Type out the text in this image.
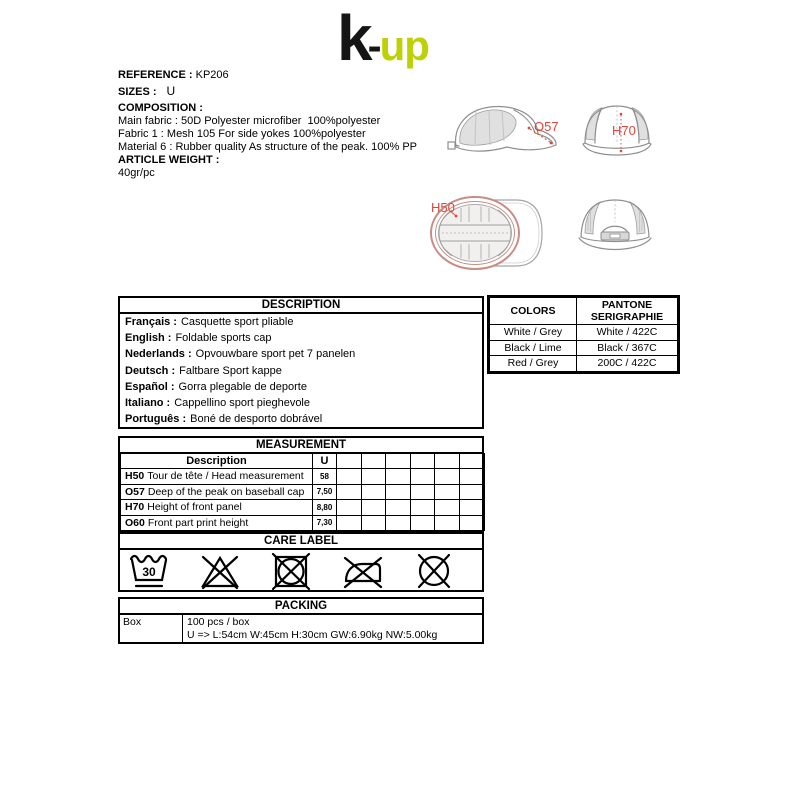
k
-
up
REFERENCE : KP206
SIZES : U
COMPOSITION :
Main fabric : 50D Polyester microfiber  100%polyester
Fabric 1 : Mesh 105 For side yokes 100%polyester
Material 6 : Rubber quality As structure of the peak. 100% PP
ARTICLE WEIGHT :
40gr/pc
O57	H70
H50
DESCRIPTION
Français : Casquette sport pliable
English : Foldable sports cap
Nederlands : Opvouwbare sport pet 7 panelen
Deutsch : Faltbare Sport kappe
Español : Gorra plegable de deporte
Italiano : Cappellino sport pieghevole
Português : Boné de desporto dobrável
COLORS	PANTONE
SERIGRAPHIE

White / Grey	White / 422C
Black / Lime	Black / 367C
Red / Grey	200C / 422C
MEASUREMENT
Description	U						
H50 Tour de tête / Head measurement	58						
O57 Deep of the peak on baseball cap	7,50						
H70 Height of front panel	8,80						
O60 Front part print height	7,30						
CARE LABEL
30
PACKING
Box	100 pcs / box
U => L:54cm W:45cm H:30cm GW:6.90kg NW:5.00kg
